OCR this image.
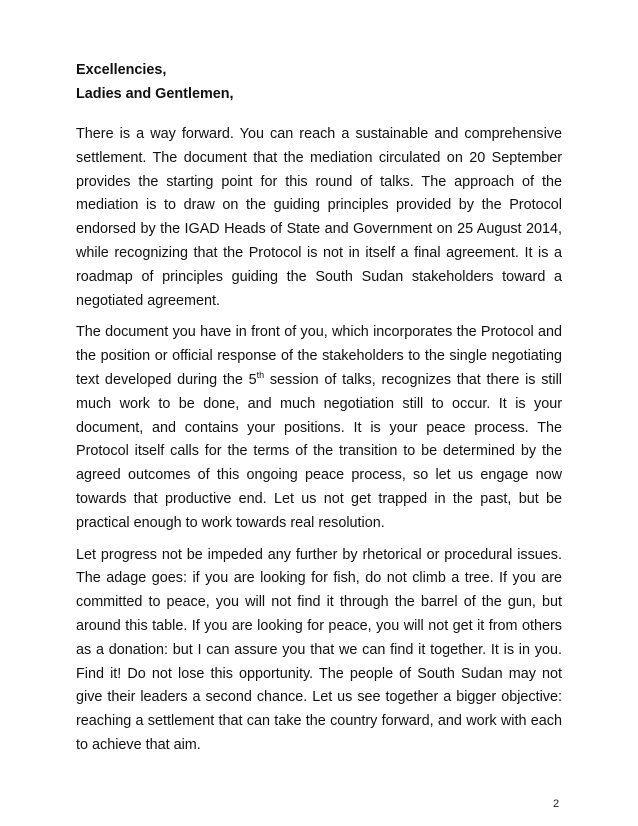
Excellencies,

Ladies and Gentlemen,

There is a way forward. You can reach a sustainable and comprehensive settlement. The document that the mediation circulated on 20 September provides the starting point for this round of talks. The approach of the mediation is to draw on the guiding principles provided by the Protocol endorsed by the IGAD Heads of State and Government on 25 August 2014, while recognizing that the Protocol is not in itself a final agreement. It is a roadmap of principles guiding the South Sudan stakeholders toward a negotiated agreement.

The document you have in front of you, which incorporates the Protocol and the position or official response of the stakeholders to the single negotiating text developed during the 5th session of talks, recognizes that there is still much work to be done, and much negotiation still to occur. It is your document, and contains your positions. It is your peace process. The Protocol itself calls for the terms of the transition to be determined by the agreed outcomes of this ongoing peace process, so let us engage now towards that productive end. Let us not get trapped in the past, but be practical enough to work towards real resolution.

Let progress not be impeded any further by rhetorical or procedural issues. The adage goes: if you are looking for fish, do not climb a tree. If you are committed to peace, you will not find it through the barrel of the gun, but around this table. If you are looking for peace, you will not get it from others as a donation: but I can assure you that we can find it together. It is in you. Find it! Do not lose this opportunity. The people of South Sudan may not give their leaders a second chance. Let us see together a bigger objective: reaching a settlement that can take the country forward, and work with each to achieve that aim.

2
